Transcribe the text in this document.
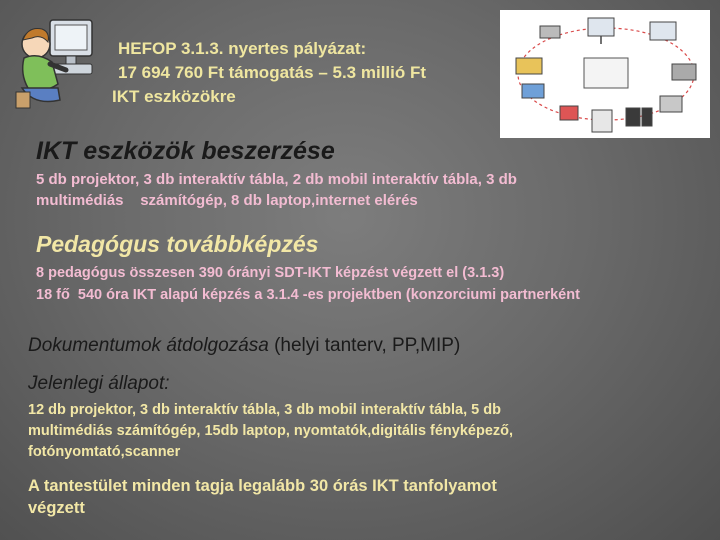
HEFOP 3.1.3. nyertes pályázat:

17 694 760 Ft támogatás – 5.3 millió Ft

IKT eszközökre

IKT eszközök beszerzése

5 db projektor, 3 db interaktív tábla, 2 db mobil interaktív tábla, 3 db

multimédiás    számítógép, 8 db laptop,internet elérés

Pedagógus továbbképzés

8 pedagógus összesen 390 órányi SDT-IKT képzést végzett el (3.1.3)

18 fő  540 óra IKT alapú képzés a 3.1.4 -es projektben (konzorciumi partnerként

Dokumentumok átdolgozása (helyi tanterv, PP,MIP)

Jelenlegi állapot:

12 db projektor, 3 db interaktív tábla, 3 db mobil interaktív tábla, 5 db

multimédiás számítógép, 15db laptop, nyomtatók,digitális fényképező,

fotónyomtató,scanner

A tantestület minden tagja legalább 30 órás IKT tanfolyamot

végzett
